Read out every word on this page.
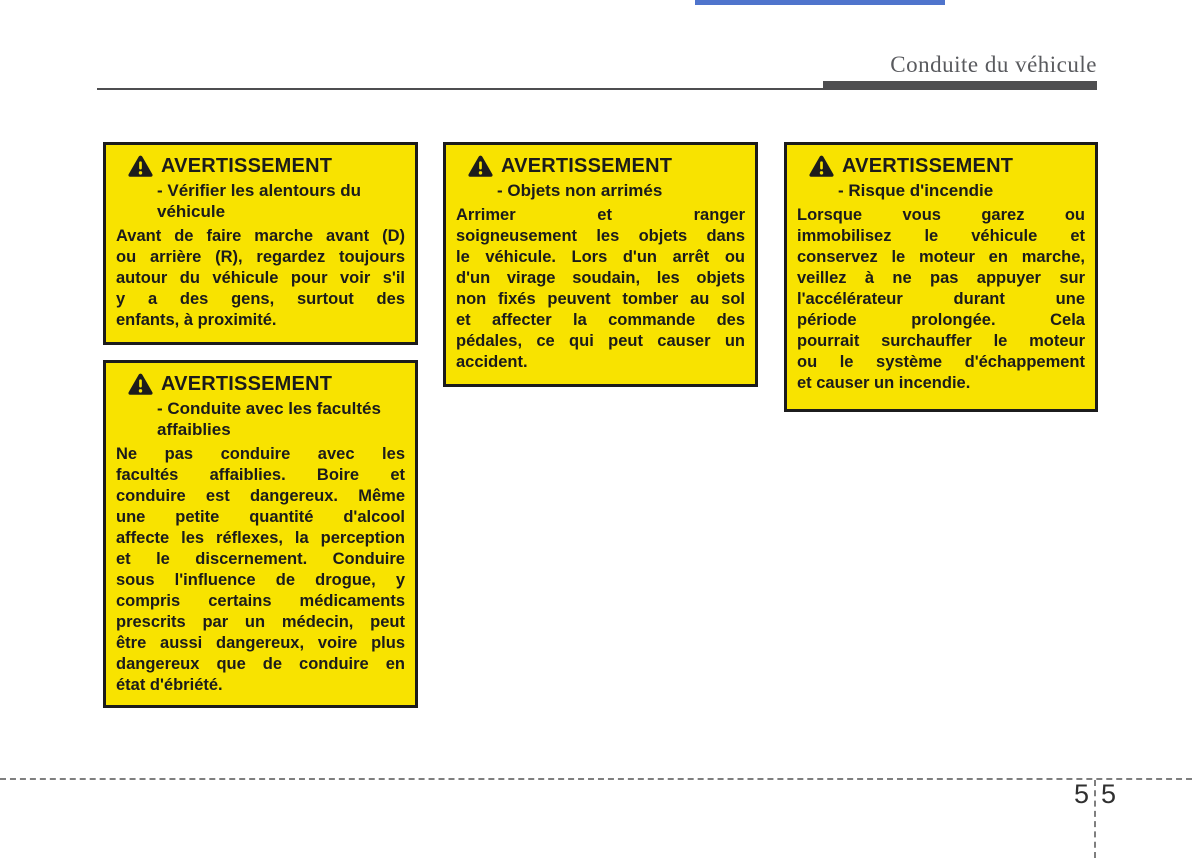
Conduite du véhicule
AVERTISSEMENT
- Vérifier les alentours du
véhicule
Avant de faire marche avant (D)
ou arrière (R), regardez toujours
autour du véhicule pour voir s'il
y a des gens, surtout des
enfants, à proximité.
AVERTISSEMENT
- Conduite avec les facultés
affaiblies
Ne pas conduire avec les
facultés affaiblies. Boire et
conduire est dangereux. Même
une petite quantité d'alcool
affecte les réflexes, la perception
et le discernement. Conduire
sous l'influence de drogue, y
compris certains médicaments
prescrits par un médecin, peut
être aussi dangereux, voire plus
dangereux que de conduire en
état d'ébriété.
AVERTISSEMENT
- Objets non arrimés
Arrimer et ranger
soigneusement les objets dans
le véhicule. Lors d'un arrêt ou
d'un virage soudain, les objets
non fixés peuvent tomber au sol
et affecter la commande des
pédales, ce qui peut causer un
accident.
AVERTISSEMENT
- Risque d'incendie
Lorsque vous garez ou
immobilisez le véhicule et
conservez le moteur en marche,
veillez à ne pas appuyer sur
l'accélérateur durant une
période prolongée. Cela
pourrait surchauffer le moteur
ou le système d'échappement
et causer un incendie.
5 5
